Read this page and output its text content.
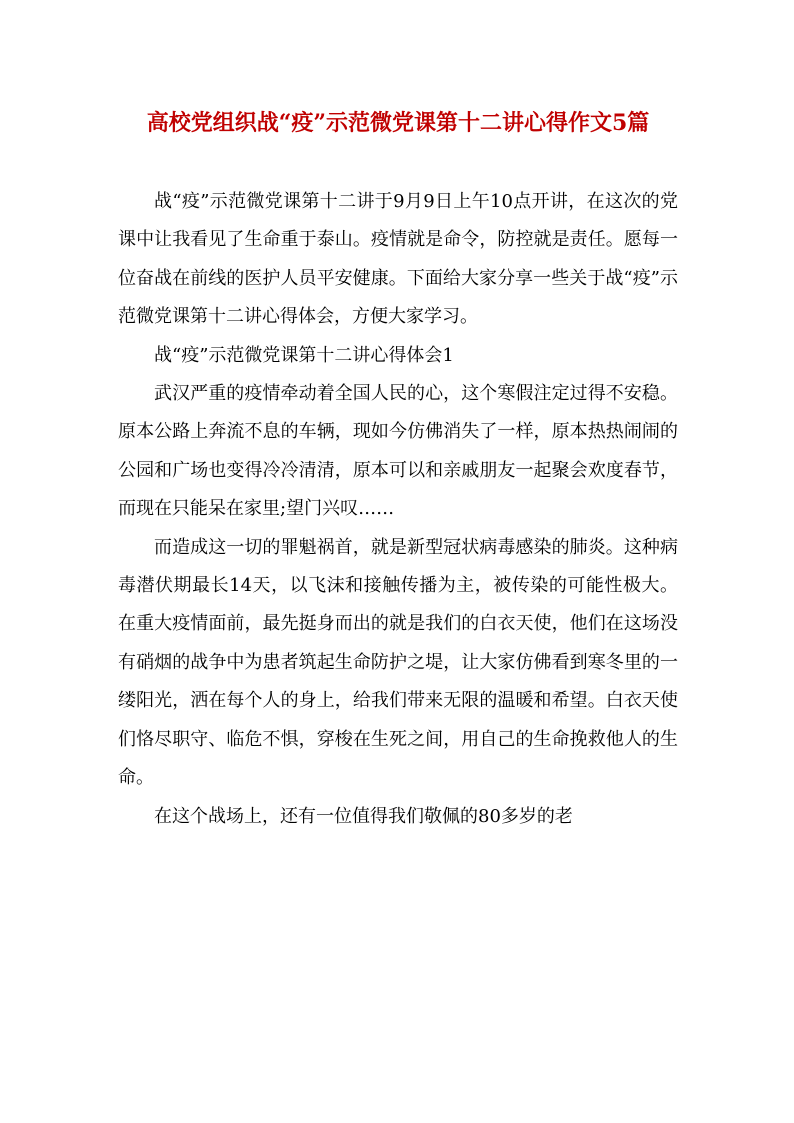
高校党组织战“疫”示范微党课第十二讲心得作文5篇

战“疫”示范微党课第十二讲于9月9日上午10点开讲，在这次的党课中让我看见了生命重于泰山。疫情就是命令，防控就是责任。愿每一位奋战在前线的医护人员平安健康。下面给大家分享一些关于战“疫”示范微党课第十二讲心得体会，方便大家学习。

战“疫”示范微党课第十二讲心得体会1

武汉严重的疫情牵动着全国人民的心，这个寒假注定过得不安稳。原本公路上奔流不息的车辆，现如今仿佛消失了一样，原本热热闹闹的公园和广场也变得冷冷清清，原本可以和亲戚朋友一起聚会欢度春节，而现在只能呆在家里;望门兴叹……

而造成这一切的罪魁祸首，就是新型冠状病毒感染的肺炎。这种病毒潜伏期最长14天，以飞沫和接触传播为主，被传染的可能性极大。在重大疫情面前，最先挺身而出的就是我们的白衣天使，他们在这场没有硝烟的战争中为患者筑起生命防护之堤，让大家仿佛看到寒冬里的一缕阳光，洒在每个人的身上，给我们带来无限的温暖和希望。白衣天使们恪尽职守、临危不惧，穿梭在生死之间，用自己的生命挽救他人的生命。

在这个战场上，还有一位值得我们敬佩的80多岁的老
